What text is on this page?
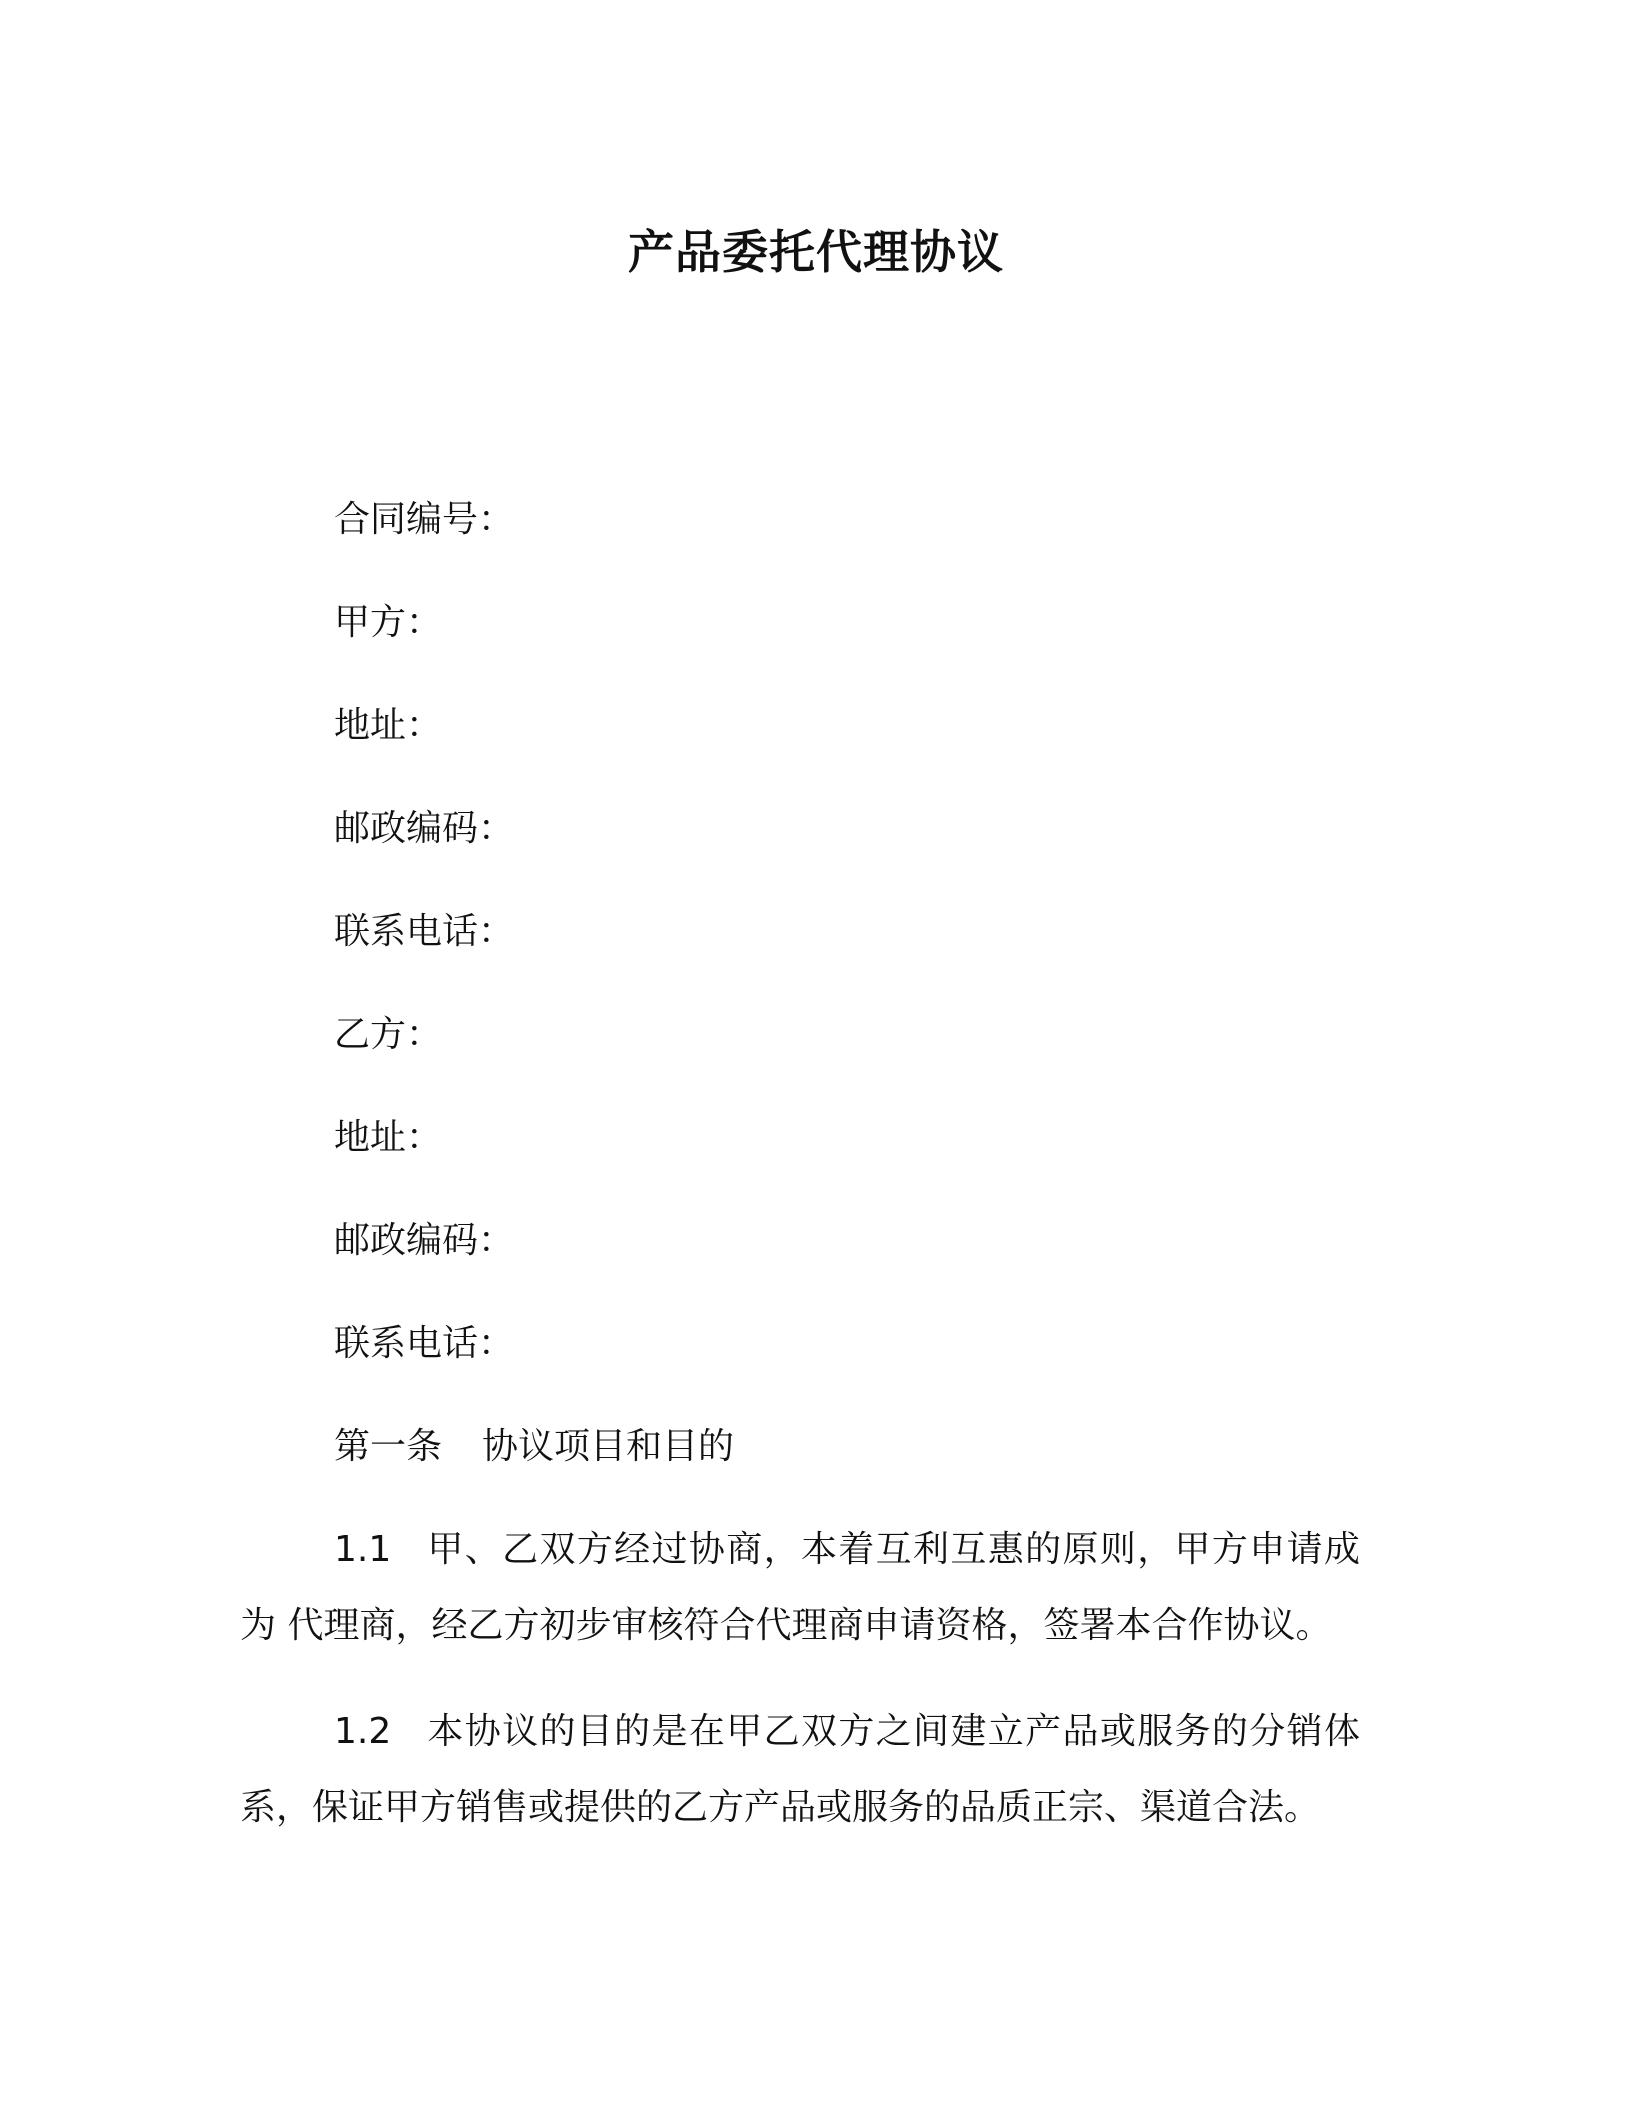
产品委托代理协议
合同编号：
甲方：
地址：
邮政编码：
联系电话：
乙方：
地址：
邮政编码：
联系电话：
第一条 协议项目和目的
1.1 甲、乙双方经过协商，本着互利互惠的原则，甲方申请成为 代理商，经乙方初步审核符合代理商申请资格，签署本合作协议。
1.2 本协议的目的是在甲乙双方之间建立产品或服务的分销体系，保证甲方销售或提供的乙方产品或服务的品质正宗、渠道合法。
